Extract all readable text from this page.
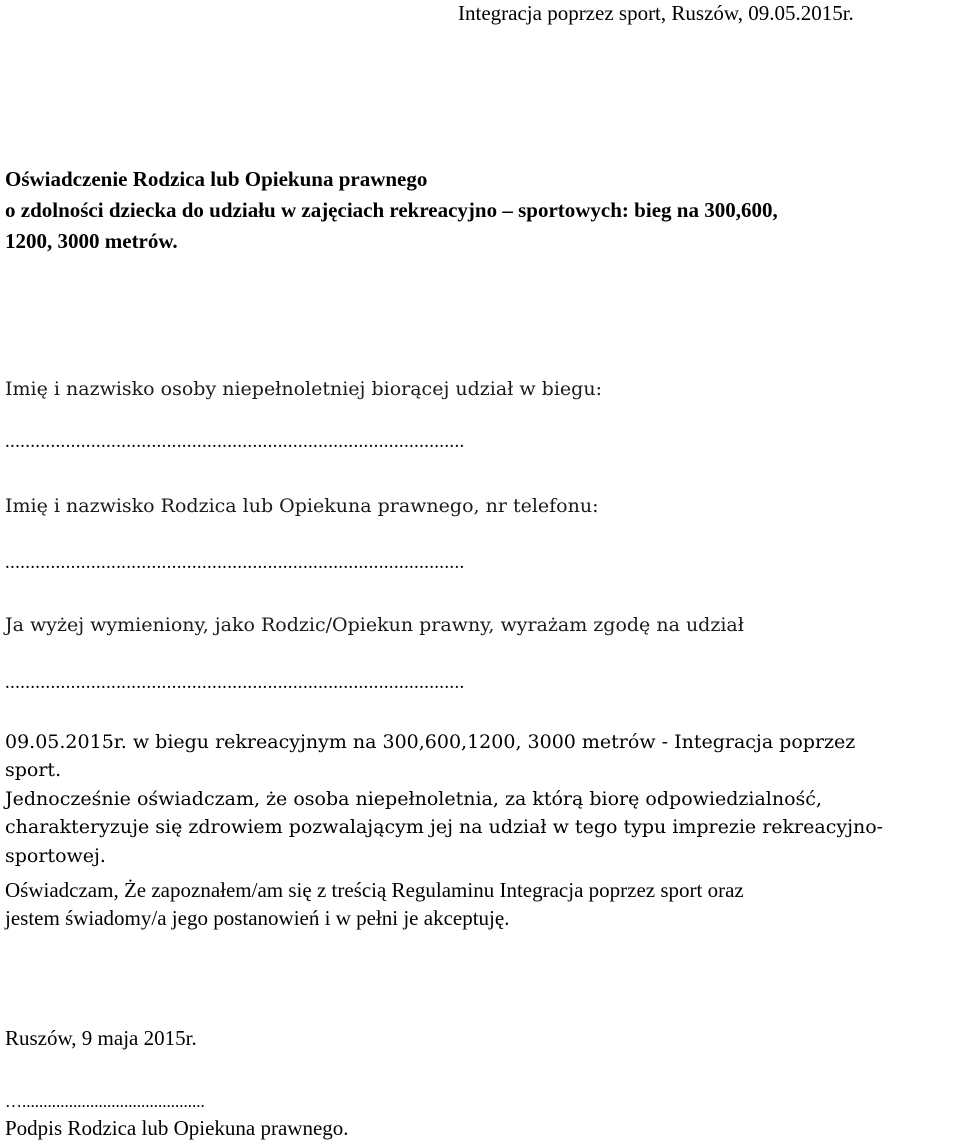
Integracja poprzez sport, Ruszów, 09.05.2015r.
Oświadczenie Rodzica lub Opiekuna prawnego
o zdolności dziecka do udziału w zajęciach rekreacyjno – sportowych: bieg na 300,600,
1200, 3000 metrów.
Imię i nazwisko osoby niepełnoletniej biorącej udział w biegu:
...........................................................................................
Imię i nazwisko Rodzica lub Opiekuna prawnego, nr telefonu:
...........................................................................................
Ja wyżej wymieniony, jako Rodzic/Opiekun prawny, wyrażam zgodę na udział
...........................................................................................

09.05.2015r. w biegu rekreacyjnym na 300,600,1200, 3000 metrów - Integracja poprzez

sport.

Jednocześnie oświadczam, że osoba niepełnoletnia, za którą biorę odpowiedzialność,

charakteryzuje się zdrowiem pozwalającym jej na udział w tego typu imprezie rekreacyjno-

sportowej.

Oświadczam, Że zapoznałem/am się z treścią Regulaminu Integracja poprzez sport oraz

jestem świadomy/a jego postanowień i w pełni je akceptuję.

Ruszów, 9 maja 2015r.
…...........................................
Podpis Rodzica lub Opiekuna prawnego.
